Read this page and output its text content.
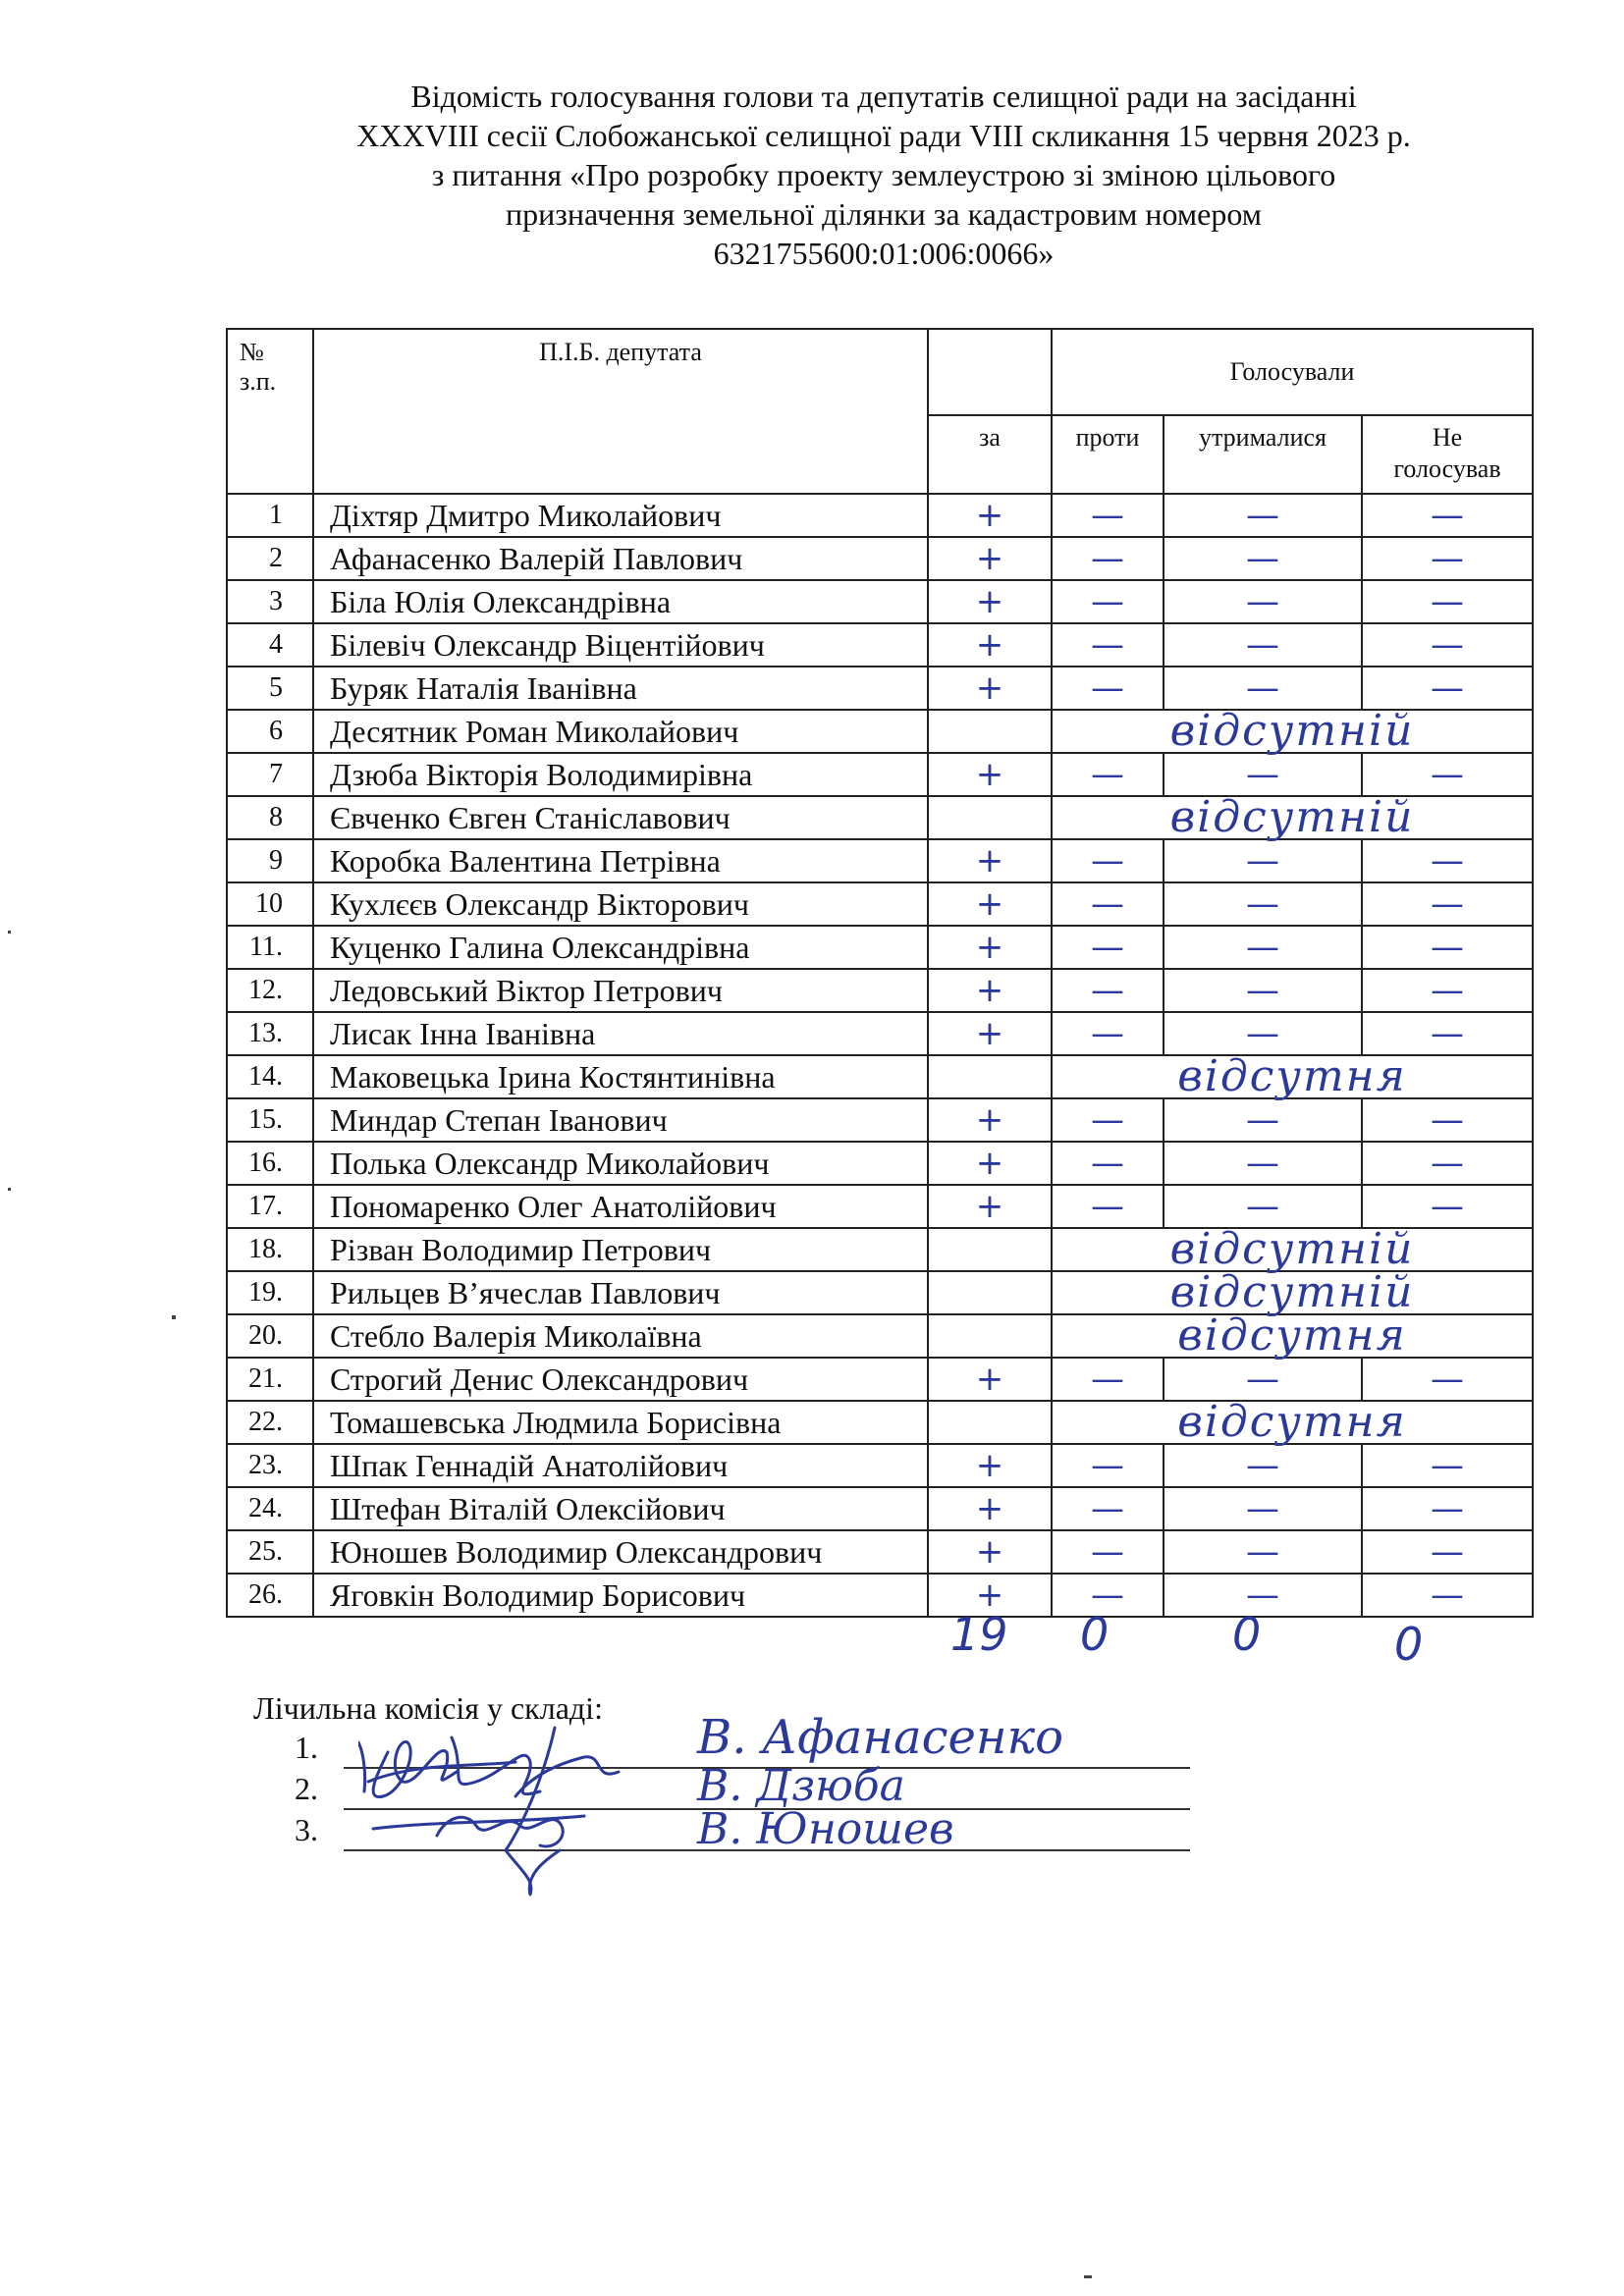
Відомість голосування голови та депутатів селищної ради на засіданні
XXXVIII сесії Слобожанської селищної ради VIII скликання 15 червня 2023 р.
з питання «Про розробку проекту землеустрою зі зміною цільового
призначення земельної ділянки за кадастровим номером
6321755600:01:006:0066»
№
з.п.	П.І.Б. депутата		Голосували		
		за	проти	утрималися	Не
голосував

1	Діхтяр Дмитро Миколайович	+	—	—	—
2	Афанасенко Валерій Павлович	+	—	—	—
3	Біла Юлія Олександрівна	+	—	—	—
4	Білевіч Олександр Віцентійович	+	—	—	—
5	Буряк Наталія Іванівна	+	—	—	—
6	Десятник Роман Миколайович		відсутній		
7	Дзюба Вікторія Володимирівна	+	—	—	—
8	Євченко Євген Станіславович		відсутній		
9	Коробка Валентина Петрівна	+	—	—	—
10	Кухлєєв Олександр Вікторович	+	—	—	—
11.	Куценко Галина Олександрівна	+	—	—	—
12.	Ледовський Віктор Петрович	+	—	—	—
13.	Лисак Інна Іванівна	+	—	—	—
14.	Маковецька Ірина Костянтинівна		відсутня		
15.	Миндар Степан Іванович	+	—	—	—
16.	Полька Олександр Миколайович	+	—	—	—
17.	Пономаренко Олег Анатолійович	+	—	—	—
18.	Різван Володимир Петрович		відсутній		
19.	Рильцев В’ячеслав Павлович		відсутній		
20.	Стебло Валерія Миколаївна		відсутня		
21.	Строгий Денис Олександрович	+	—	—	—
22.	Томашевська Людмила Борисівна		відсутня		
23.	Шпак Геннадій Анатолійович	+	—	—	—
24.	Штефан Віталій Олексійович	+	—	—	—
25.	Юношев Володимир Олександрович	+	—	—	—
26.	Яговкін Володимир Борисович	+	—	—	—
19 0	0	0
Лічильна комісія у складі:
1.	В. Афанасенко
2.	В. Дзюба
3.	В. Юношев
